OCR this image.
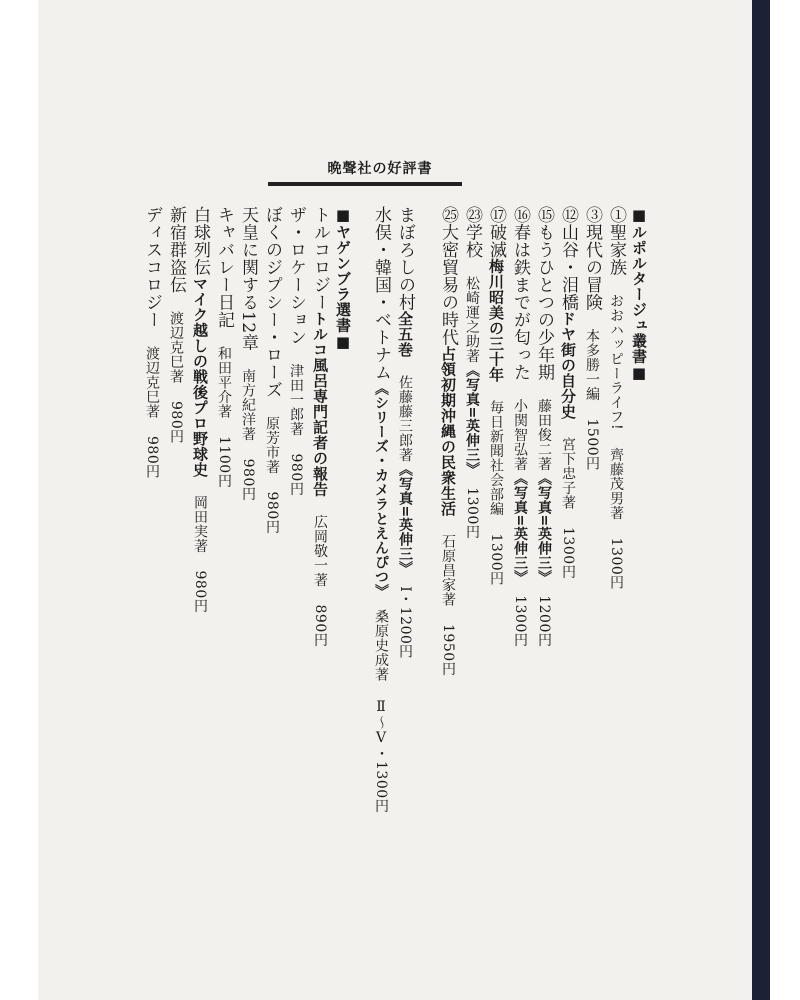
晩聲社の好評書
■ルポルタージュ叢書■
①聖家族　おおハッピーライフ!　齊藤茂男著　1300円
③現代の冒険　本多勝一編　1500円
⑫山谷・泪橋ドヤ街の自分史　宮下忠子著　1300円
⑮もうひとつの少年期　藤田俊二著《写真=英伸三》　1200円
⑯春は鉄までが匂った　小関智弘著《写真=英伸三》　1300円
⑰破滅梅川昭美の三十年　毎日新聞社会部編　1300円
㉓学校　松崎運之助著《写真=英伸三》　1300円
㉕大密貿易の時代占領初期沖縄の民衆生活　石原昌家著　1950円
まぼろしの村全五巻　佐藤藤三郎著《写真=英伸三》　I・1200円
水俣・韓国・ベトナム《シリーズ・カメラとえんぴつ》　桑原史成著　Ⅱ〜Ⅴ・1300円
■ヤゲンブラ選書■
トルコロジートルコ風呂専門記者の報告　広岡敬一著　890円
ザ・ロケーション　津田一郎著　980円
ぼくのジプシー・ローズ　原芳市著　980円
天皇に関する12章　南方紀洋著　980円
キャバレー日記　和田平介著　1100円
白球列伝マイク越しの戦後プロ野球史　岡田実著　980円
新宿群盗伝　渡辺克巳著　980円
ディスコロジー　渡辺克巳著　980円
